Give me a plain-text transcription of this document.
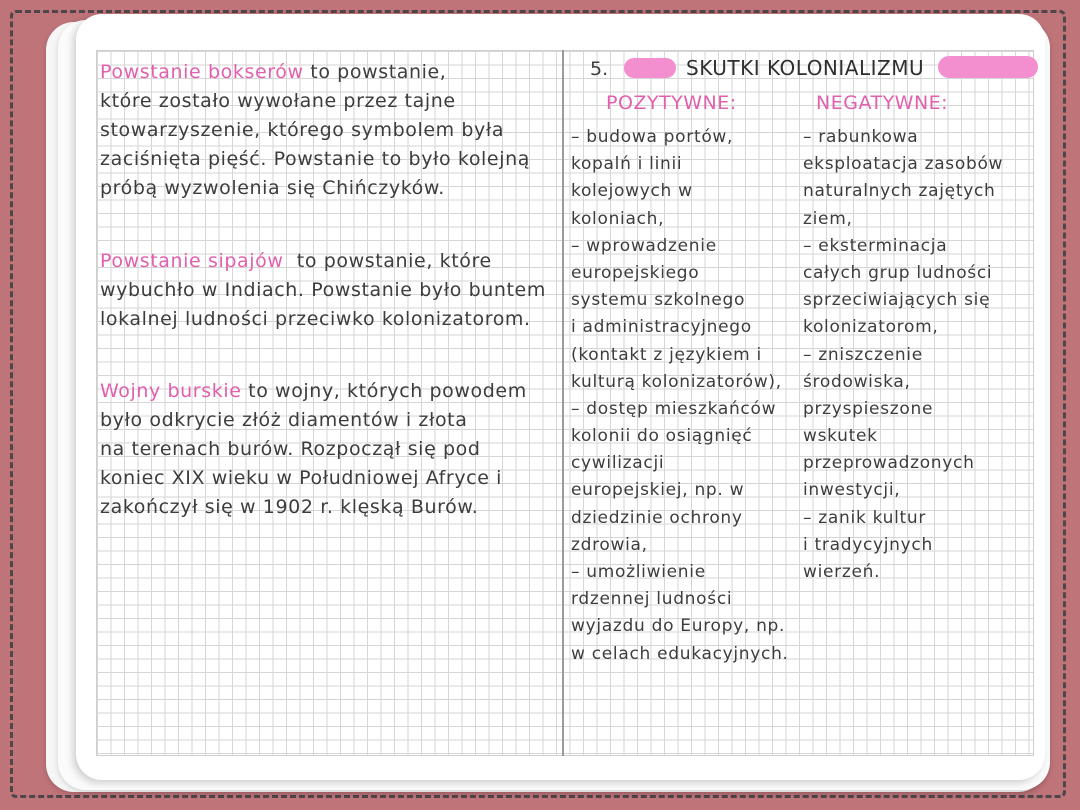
Powstanie bokserów to powstanie,
które zostało wywołane przez tajne
stowarzyszenie, którego symbolem była
zaciśnięta pięść. Powstanie to było kolejną
próbą wyzwolenia się Chińczyków.
Powstanie sipajów  to powstanie, które
wybuchło w Indiach. Powstanie było buntem
lokalnej ludności przeciwko kolonizatorom.
Wojny burskie to wojny, których powodem
było odkrycie złóż diamentów i złota
na terenach burów. Rozpoczął się pod
koniec XIX wieku w Południowej Afryce i
zakończył się w 1902 r. klęską Burów.
5.	SKUTKI KOLONIALIZMU
POZYTYWNE:	NEGATYWNE:
– budowa portów,
kopalń i linii
kolejowych w
koloniach,
– wprowadzenie
europejskiego
systemu szkolnego
i administracyjnego
(kontakt z językiem i
kulturą kolonizatorów),
– dostęp mieszkańców
kolonii do osiągnięć
cywilizacji
europejskiej, np. w
dziedzinie ochrony
zdrowia,
– umożliwienie
rdzennej ludności
wyjazdu do Europy, np.
w celach edukacyjnych.
– rabunkowa
eksploatacja zasobów
naturalnych zajętych
ziem,
– eksterminacja
całych grup ludności
sprzeciwiających się
kolonizatorom,
– zniszczenie
środowiska,
przyspieszone
wskutek
przeprowadzonych
inwestycji,
– zanik kultur
i tradycyjnych
wierzeń.
